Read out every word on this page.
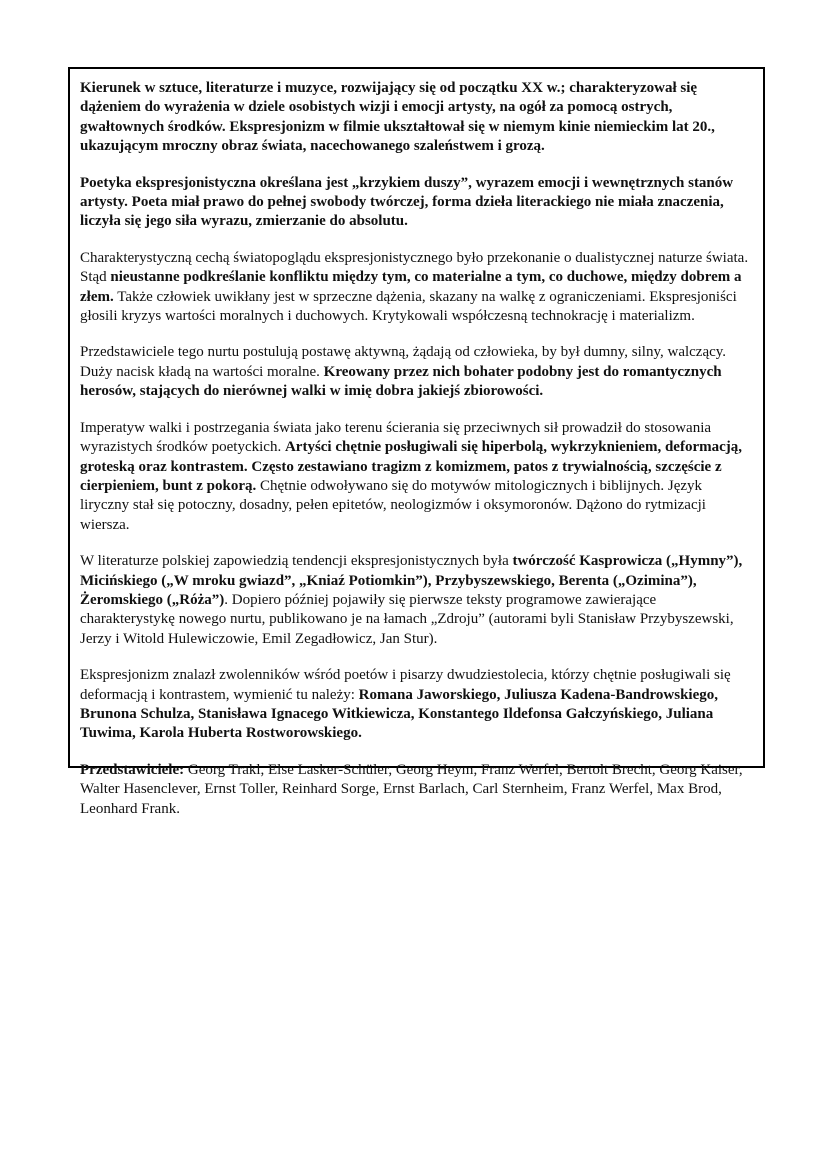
Kierunek w sztuce, literaturze i muzyce, rozwijający się od początku XX w.; charakteryzował się dążeniem do wyrażenia w dziele osobistych wizji i emocji artysty, na ogół za pomocą ostrych, gwałtownych środków. Ekspresjonizm w filmie ukształtował się w niemym kinie niemieckim lat 20., ukazującym mroczny obraz świata, nacechowanego szaleństwem i grozą.

Poetyka ekspresjonistyczna określana jest „krzykiem duszy”, wyrazem emocji i wewnętrznych stanów artysty. Poeta miał prawo do pełnej swobody twórczej, forma dzieła literackiego nie miała znaczenia, liczyła się jego siła wyrazu, zmierzanie do absolutu.

Charakterystyczną cechą światopoglądu ekspresjonistycznego było przekonanie o dualistycznej naturze świata. Stąd nieustanne podkreślanie konfliktu między tym, co materialne a tym, co duchowe, między dobrem a złem. Także człowiek uwikłany jest w sprzeczne dążenia, skazany na walkę z ograniczeniami. Ekspresjoniści głosili kryzys wartości moralnych i duchowych. Krytykowali współczesną technokrację i materializm.

Przedstawiciele tego nurtu postulują postawę aktywną, żądają od człowieka, by był dumny, silny, walczący. Duży nacisk kładą na wartości moralne. Kreowany przez nich bohater podobny jest do romantycznych herosów, stających do nierównej walki w imię dobra jakiejś zbiorowości.

Imperatyw walki i postrzegania świata jako terenu ścierania się przeciwnych sił prowadził do stosowania wyrazistych środków poetyckich. Artyści chętnie posługiwali się hiperbolą, wykrzyknieniem, deformacją, groteską oraz kontrastem. Często zestawiano tragizm z komizmem, patos z trywialnością, szczęście z cierpieniem, bunt z pokorą. Chętnie odwoływano się do motywów mitologicznych i biblijnych. Język liryczny stał się potoczny, dosadny, pełen epitetów, neologizmów i oksymoronów. Dążono do rytmizacji wiersza.

W literaturze polskiej zapowiedzią tendencji ekspresjonistycznych była twórczość Kasprowicza („Hymny”), Micińskiego („W mroku gwiazd”, „Kniaź Potiomkin”), Przybyszewskiego, Berenta („Ozimina”), Żeromskiego („Róża”). Dopiero później pojawiły się pierwsze teksty programowe zawierające charakterystykę nowego nurtu, publikowano je na łamach „Zdroju” (autorami byli Stanisław Przybyszewski, Jerzy i Witold Hulewiczowie, Emil Zegadłowicz, Jan Stur).

Ekspresjonizm znalazł zwolenników wśród poetów i pisarzy dwudziestolecia, którzy chętnie posługiwali się deformacją i kontrastem, wymienić tu należy: Romana Jaworskiego, Juliusza Kadena-Bandrowskiego, Brunona Schulza, Stanisława Ignacego Witkiewicza, Konstantego Ildefonsa Gałczyńskiego, Juliana Tuwima, Karola Huberta Rostworowskiego.

Przedstawiciele: Georg Trakl, Else Lasker-Schüler, Georg Heym, Franz Werfel, Bertolt Brecht, Georg Kaiser, Walter Hasenclever, Ernst Toller, Reinhard Sorge, Ernst Barlach, Carl Sternheim, Franz Werfel, Max Brod, Leonhard Frank.
